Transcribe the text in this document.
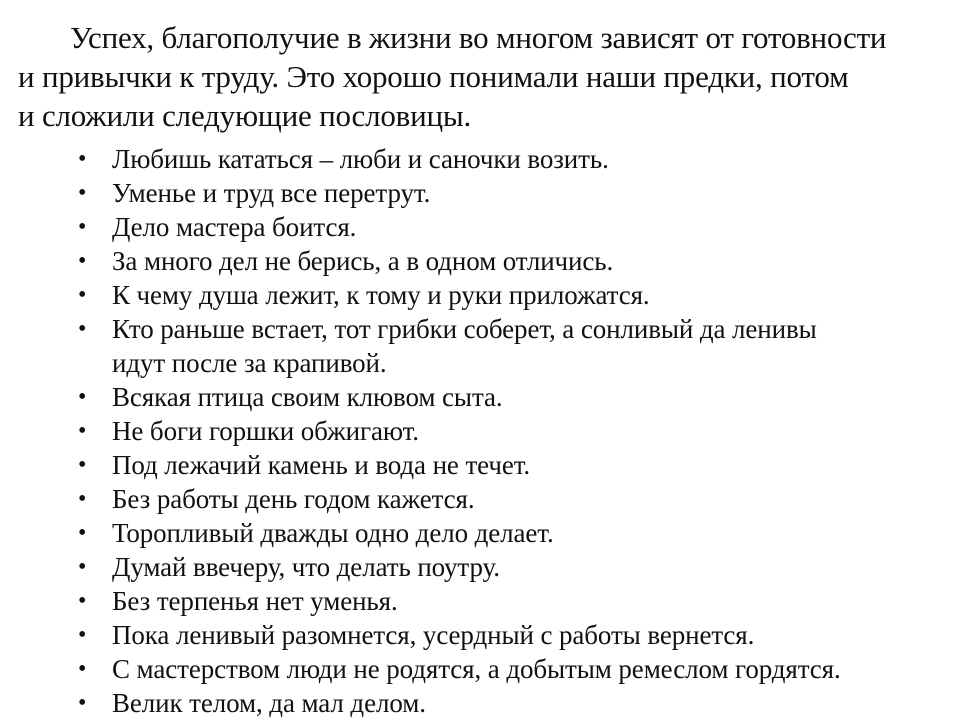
Успех, благополучие в жизни во многом зависят от готовности
и привычки к труду. Это хорошо понимали наши предки, потом
и сложили следующие пословицы.

• Любишь кататься – люби и саночки возить.
• Уменье и труд все перетрут.
• Дело мастера боится.
• За много дел не берись, а в одном отличись.
• К чему душа лежит, к тому и руки приложатся.
• Кто раньше встает, тот грибки соберет, а сонливый да ленивы
идут после за крапивой.
• Всякая птица своим клювом сыта.
• Не боги горшки обжигают.
• Под лежачий камень и вода не течет.
• Без работы день годом кажется.
• Торопливый дважды одно дело делает.
• Думай ввечеру, что делать поутру.
• Без терпенья нет уменья.
• Пока ленивый разомнется, усердный с работы вернется.
• С мастерством люди не родятся, а добытым ремеслом гордятся.
• Велик телом, да мал делом.
